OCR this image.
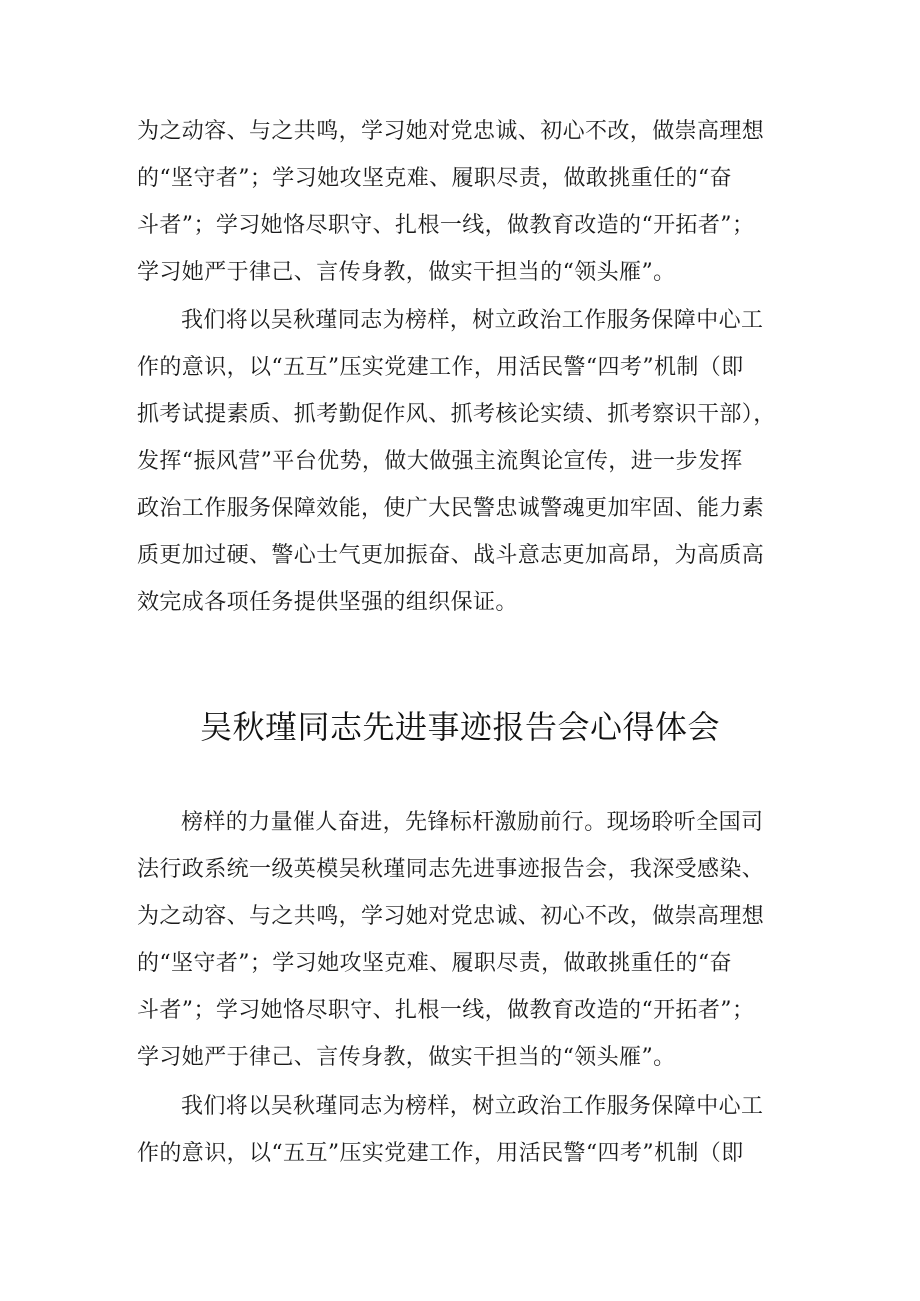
为之动容、与之共鸣，学习她对党忠诚、初心不改，做崇高理想
的“坚守者”；学习她攻坚克难、履职尽责，做敢挑重任的“奋
斗者”；学习她恪尽职守、扎根一线，做教育改造的“开拓者”；
学习她严于律己、言传身教，做实干担当的“领头雁”。
我们将以吴秋瑾同志为榜样，树立政治工作服务保障中心工
作的意识，以“五互”压实党建工作，用活民警“四考”机制（即
抓考试提素质、抓考勤促作风、抓考核论实绩、抓考察识干部），
发挥“振风营”平台优势，做大做强主流舆论宣传，进一步发挥
政治工作服务保障效能，使广大民警忠诚警魂更加牢固、能力素
质更加过硬、警心士气更加振奋、战斗意志更加高昂，为高质高
效完成各项任务提供坚强的组织保证。
吴秋瑾同志先进事迹报告会心得体会
榜样的力量催人奋进，先锋标杆激励前行。现场聆听全国司
法行政系统一级英模吴秋瑾同志先进事迹报告会，我深受感染、
为之动容、与之共鸣，学习她对党忠诚、初心不改，做崇高理想
的“坚守者”；学习她攻坚克难、履职尽责，做敢挑重任的“奋
斗者”；学习她恪尽职守、扎根一线，做教育改造的“开拓者”；
学习她严于律己、言传身教，做实干担当的“领头雁”。
我们将以吴秋瑾同志为榜样，树立政治工作服务保障中心工
作的意识，以“五互”压实党建工作，用活民警“四考”机制（即
